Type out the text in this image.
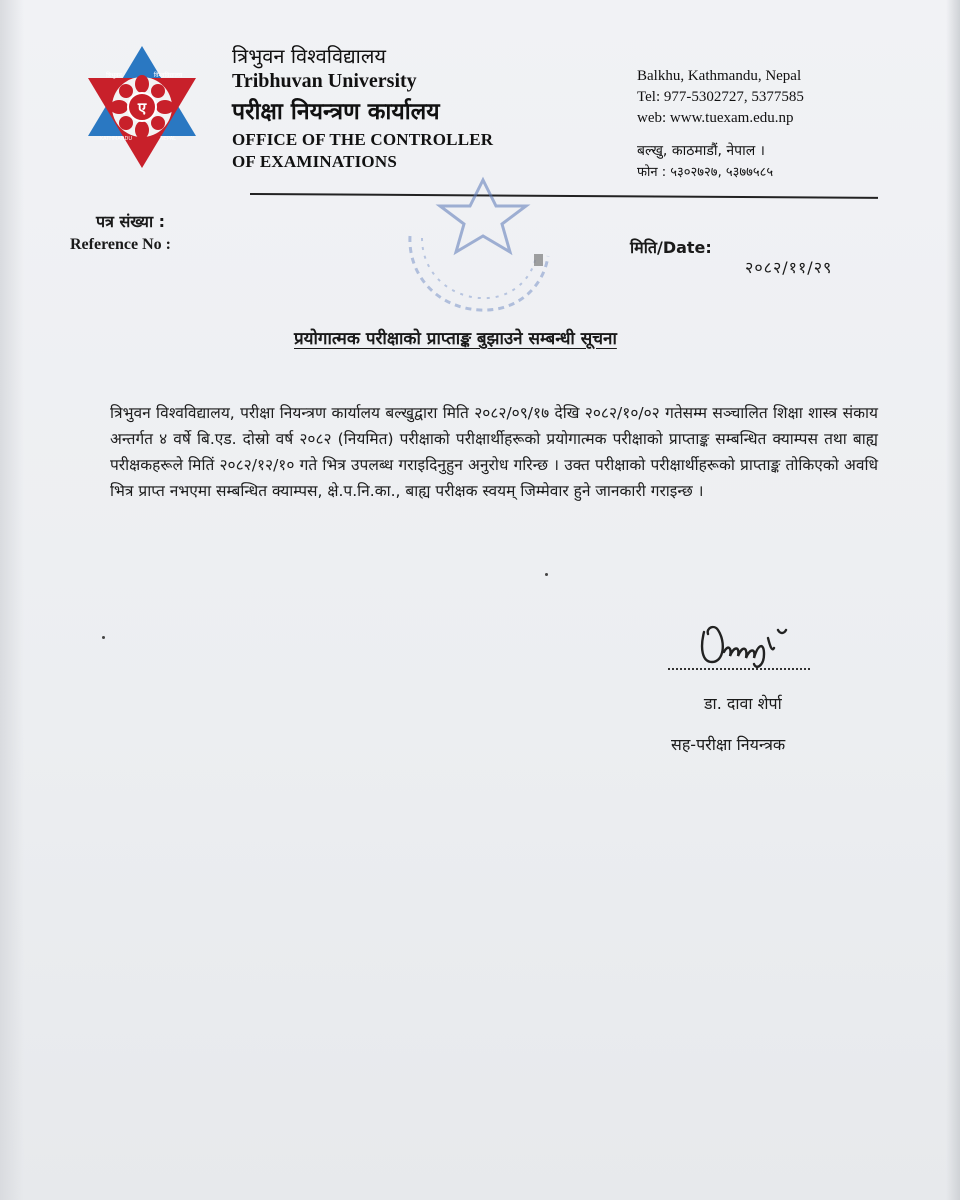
ए
त्रिभुवन	विश्वविद्यालय
KATHMANDU	NEPAL

त्रिभुवन विश्वविद्यालय

Tribhuvan University

परीक्षा नियन्त्रण कार्यालय

OFFICE OF THE CONTROLLER

OF EXAMINATIONS

Balkhu, Kathmandu, Nepal
Tel: 977-5302727, 5377585
web: www.tuexam.edu.np
बल्खु, काठमाडौं, नेपाल ।
फोन : ५३०२७२७, ५३७७५८५
पत्र संख्या :
Reference No :	मिति/Date:
२०८२/११/२९
प्रयोगात्मक परीक्षाको प्राप्ताङ्क बुझाउने सम्बन्धी सूचना
त्रिभुवन विश्वविद्यालय, परीक्षा नियन्त्रण कार्यालय बल्खुद्वारा मिति २०८२/०९/१७ देखि २०८२/१०/०२ गतेसम्म सञ्चालित शिक्षा शास्त्र संकाय अन्तर्गत ४ वर्षे बि.एड. दोस्रो वर्ष २०८२ (नियमित) परीक्षाको परीक्षार्थीहरूको प्रयोगात्मक परीक्षाको प्राप्ताङ्क सम्बन्धित क्याम्पस तथा बाह्य परीक्षकहरूले मितिं २०८२/१२/१० गते भित्र उपलब्ध गराइदिनुहुन अनुरोध गरिन्छ । उक्त परीक्षाको परीक्षार्थीहरूको प्राप्ताङ्क तोकिएको अवधि भित्र प्राप्त नभएमा सम्बन्धित क्याम्पस, क्षे.प.नि.का., बाह्य परीक्षक स्वयम् जिम्मेवार हुने जानकारी गराइन्छ ।
डा. दावा शेर्पा
सह-परीक्षा नियन्त्रक
